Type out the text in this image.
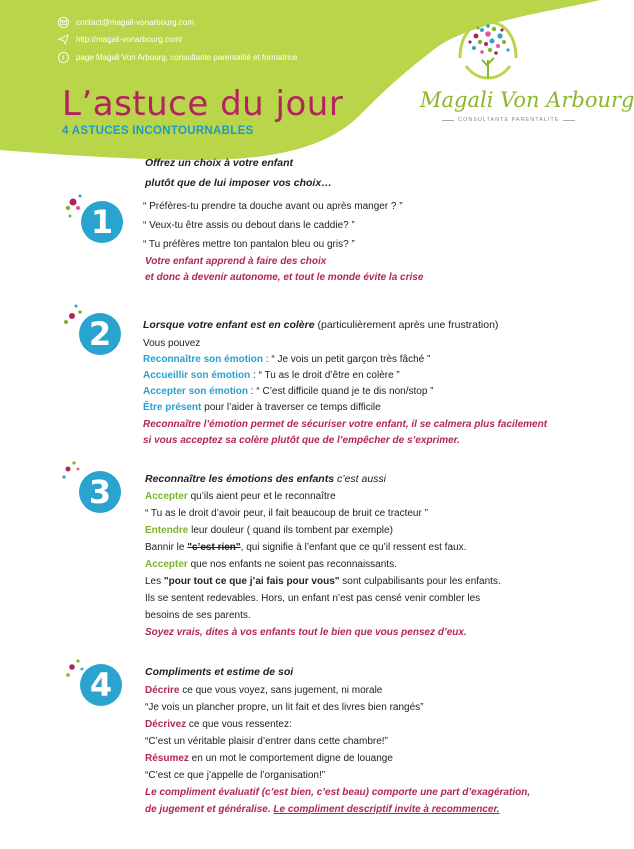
contact@magali-vonarbourg.com
http://magali-vonarbourg.com/
f page Magali Von Arbourg, consultante parentalité et formatrice
L’astuce du jour
4 ASTUCES INCONTOURNABLES
Magali Von Arbourg
CONSULTANTE PARENTALITE
1
Offrez un choix à votre enfant
plutôt que de lui imposer vos choix…
“ Préfères-tu prendre ta douche avant ou après manger ? ”
“ Veux-tu être assis ou debout dans le caddie? ”
“ Tu préfères mettre ton pantalon bleu ou gris? ”
Votre enfant apprend à faire des choix
et donc à devenir autonome, et tout le monde évite la crise
2	Lorsque votre enfant est en colère (particulièrement après une frustration)
Vous pouvez
Reconnaître son émotion : “ Je vois un petit garçon très fâché ”
Accueillir son émotion : “ Tu as le droit d’être en colère ”
Accepter son émotion : “ C’est difficile quand je te dis non/stop ”
Être présent pour l’aider à traverser ce temps difficile
Reconnaître l’émotion permet de sécuriser votre enfant, il se calmera plus facilement
si vous acceptez sa colère plutôt que de l’empêcher de s’exprimer.
3	Reconnaître les émotions des enfants c’est aussi
Accepter qu’ils aient peur et le reconnaître
“ Tu as le droit d’avoir peur, il fait beaucoup de bruit ce tracteur ”
Entendre leur douleur ( quand ils tombent par exemple)
Bannir le "c’est rien", qui signifie à l’enfant que ce qu’il ressent est faux.
Accepter que nos enfants ne soient pas reconnaissants.
Les "pour tout ce que j’ai fais pour vous" sont culpabilisants pour les enfants.
Ils se sentent redevables. Hors, un enfant n’est pas censé venir combler les
besoins de ses parents.
Soyez vrais, dites à vos enfants tout le bien que vous pensez d’eux.
4	Compliments et estime de soi
Décrire ce que vous voyez, sans jugement, ni morale
“Je vois un plancher propre, un lit fait et des livres bien rangés”
Décrivez ce que vous ressentez:
“C’est un véritable plaisir d’entrer dans cette chambre!”
Résumez en un mot le comportement digne de louange
“C’est ce que j’appelle de l’organisation!”
Le compliment évaluatif (c’est bien, c’est beau) comporte une part d’exagération,
de jugement et généralise. Le compliment descriptif invite à recommencer.
